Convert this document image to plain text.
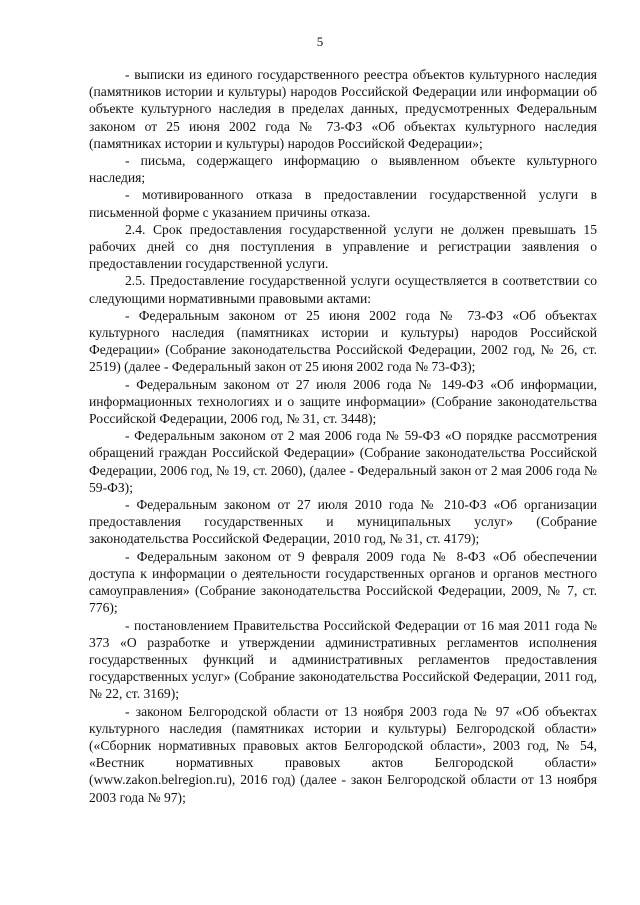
5

- выписки из единого государственного реестра объектов культурного наследия (памятников истории и культуры) народов Российской Федерации или информации об объекте культурного наследия в пределах данных, предусмотренных Федеральным законом от 25 июня 2002 года № 73-ФЗ «Об объектах культурного наследия (памятниках истории и культуры) народов Российской Федерации»;

- письма, содержащего информацию о выявленном объекте культурного наследия;

- мотивированного отказа в предоставлении государственной услуги в письменной форме с указанием причины отказа.

2.4. Срок предоставления государственной услуги не должен превышать 15 рабочих дней со дня поступления в управление и регистрации заявления о предоставлении государственной услуги.

2.5. Предоставление государственной услуги осуществляется в соответствии со следующими нормативными правовыми актами:

- Федеральным законом от 25 июня 2002 года № 73-ФЗ «Об объектах культурного наследия (памятниках истории и культуры) народов Российской Федерации» (Собрание законодательства Российской Федерации, 2002 год, № 26, ст. 2519) (далее - Федеральный закон от 25 июня 2002 года № 73-ФЗ);

- Федеральным законом от 27 июля 2006 года № 149-ФЗ «Об информации, информационных технологиях и о защите информации» (Собрание законодательства Российской Федерации, 2006 год, № 31, ст. 3448);

- Федеральным законом от 2 мая 2006 года № 59-ФЗ «О порядке рассмотрения обращений граждан Российской Федерации» (Собрание законодательства Российской Федерации, 2006 год, № 19, ст. 2060), (далее - Федеральный закон от 2 мая 2006 года № 59-ФЗ);

- Федеральным законом от 27 июля 2010 года № 210-ФЗ «Об организации предоставления государственных и муниципальных услуг» (Собрание законодательства Российской Федерации, 2010 год, № 31, ст. 4179);

- Федеральным законом от 9 февраля 2009 года № 8-ФЗ «Об обеспечении доступа к информации о деятельности государственных органов и органов местного самоуправления» (Собрание законодательства Российской Федерации, 2009, № 7, ст. 776);

- постановлением Правительства Российской Федерации от 16 мая 2011 года № 373 «О разработке и утверждении административных регламентов исполнения государственных функций и административных регламентов предоставления государственных услуг» (Собрание законодательства Российской Федерации, 2011 год, № 22, ст. 3169);

- законом Белгородской области от 13 ноября 2003 года № 97 «Об объектах культурного наследия (памятниках истории и культуры) Белгородской области» («Сборник нормативных правовых актов Белгородской области», 2003 год, № 54, «Вестник нормативных правовых актов Белгородской области» (www.zakon.belregion.ru), 2016 год) (далее - закон Белгородской области от 13 ноября 2003 года № 97);
